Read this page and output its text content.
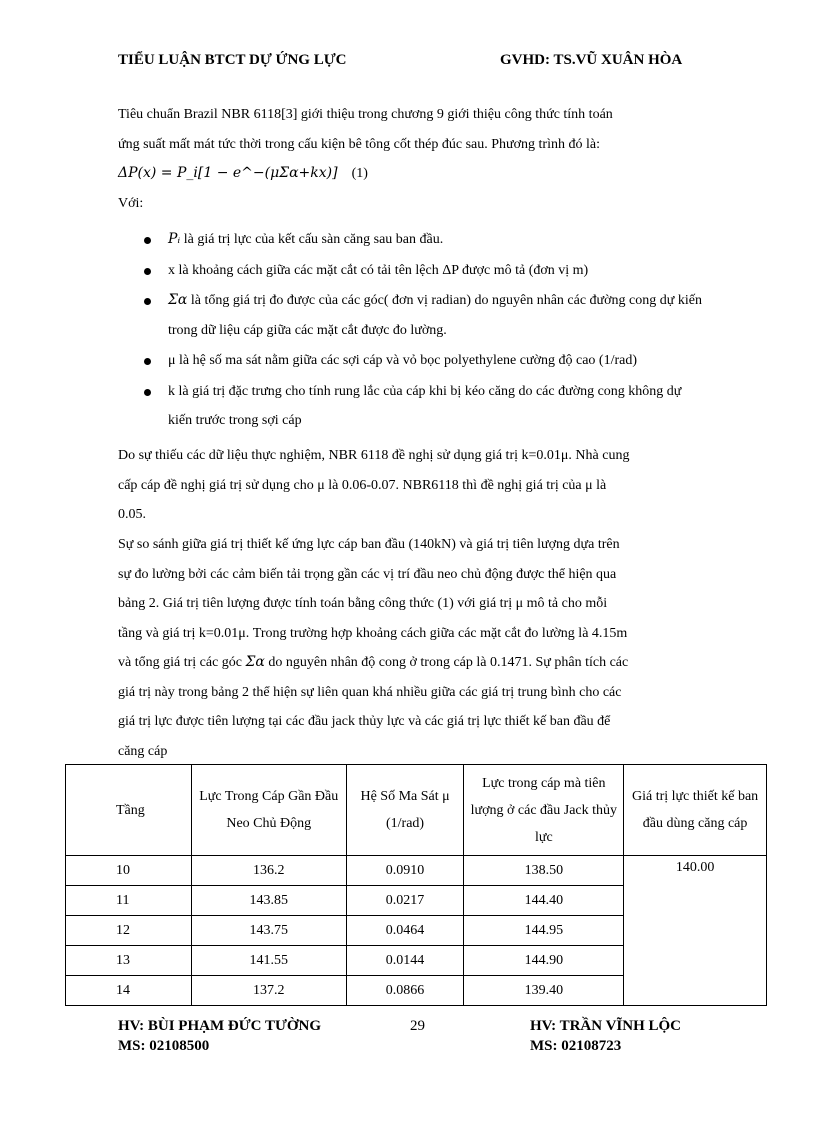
TIỂU LUẬN BTCT DỰ ỨNG LỰC	GVHD: TS.VŨ XUÂN HÒA
Tiêu chuẩn Brazil NBR 6118[3] giới thiệu trong chương 9 giới thiệu công thức tính toán
ứng suất mất mát tức thời trong cấu kiện bê tông cốt thép đúc sau. Phương trình đó là:
ΔP(x) = P_i[1 − e^−(μΣα+kx)] (1)
Với:
Pᵢ là giá trị lực của kết cấu sàn căng sau ban đầu.
x là khoảng cách giữa các mặt cắt có tải tên lệch ΔP được mô tả (đơn vị m)
Σα là tổng giá trị đo được của các góc( đơn vị radian) do nguyên nhân các đường cong dự kiến trong dữ liệu cáp giữa các mặt cắt được đo lường.
μ là hệ số ma sát nằm giữa các sợi cáp và vỏ bọc polyethylene cường độ cao (1/rad)
k là giá trị đặc trưng cho tính rung lắc của cáp khi bị kéo căng do các đường cong không dự kiến trước trong sợi cáp
Do sự thiếu các dữ liệu thực nghiệm, NBR 6118 đề nghị sử dụng giá trị k=0.01μ. Nhà cung
cấp cáp đề nghị giá trị sử dụng cho μ là 0.06-0.07. NBR6118 thì đề nghị giá trị của μ là
0.05.
Sự so sánh giữa giá trị thiết kế ứng lực cáp ban đầu (140kN) và giá trị tiên lượng dựa trên
sự đo lường bởi các cảm biến tải trọng gần các vị trí đầu neo chủ động được thể hiện qua
bảng 2. Giá trị tiên lượng được tính toán bằng công thức (1) với giá trị μ mô tả cho mỗi
tầng và giá trị k=0.01μ. Trong trường hợp khoảng cách giữa các mặt cắt đo lường là 4.15m
và tổng giá trị các góc Σα do nguyên nhân độ cong ở trong cáp là 0.1471. Sự phân tích các
giá trị này trong bảng 2 thể hiện sự liên quan khá nhiều giữa các giá trị trung bình cho các
giá trị lực được tiên lượng tại các đầu jack thủy lực và các giá trị lực thiết kế ban đầu để
căng cáp
Tầng	Lực Trong Cáp Gần Đầu Neo Chủ Động	Hệ Số Ma Sát μ (1/rad)	Lực trong cáp mà tiên lượng ở các đầu Jack thủy lực	Giá trị lực thiết kế ban đầu dùng căng cáp
10	136.2	0.0910	138.50	140.00
11	143.85	0.0217	144.40	
12	143.75	0.0464	144.95	
13	141.55	0.0144	144.90	
14	137.2	0.0866	139.40	
HV: BÙI PHẠM ĐỨC TƯỜNG
MS: 02108500
29	HV: TRẦN VĨNH LỘC
MS: 02108723
